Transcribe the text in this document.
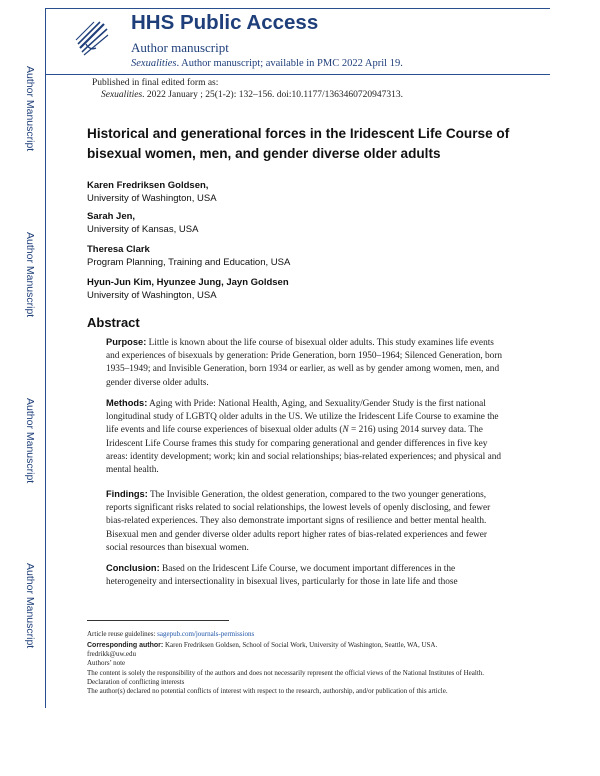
Author Manuscript
Author Manuscript
Author Manuscript
Author Manuscript
HHS Public Access
Author manuscript
Sexualities. Author manuscript; available in PMC 2022 April 19.
Published in final edited form as:
Sexualities. 2022 January ; 25(1-2): 132–156. doi:10.1177/1363460720947313.
Historical and generational forces in the Iridescent Life Course of bisexual women, men, and gender diverse older adults
Karen Fredriksen Goldsen,
University of Washington, USA
Sarah Jen,
University of Kansas, USA
Theresa Clark
Program Planning, Training and Education, USA
Hyun-Jun Kim, Hyunzee Jung, Jayn Goldsen
University of Washington, USA
Abstract
Purpose: Little is known about the life course of bisexual older adults. This study examines life events and experiences of bisexuals by generation: Pride Generation, born 1950–1964; Silenced Generation, born 1935–1949; and Invisible Generation, born 1934 or earlier, as well as by gender among women, men, and gender diverse older adults.
Methods: Aging with Pride: National Health, Aging, and Sexuality/Gender Study is the first national longitudinal study of LGBTQ older adults in the US. We utilize the Iridescent Life Course to examine the life events and life course experiences of bisexual older adults (N = 216) using 2014 survey data. The Iridescent Life Course frames this study for comparing generational and gender differences in five key areas: identity development; work; kin and social relationships; bias-related experiences; and physical and mental health.
Findings: The Invisible Generation, the oldest generation, compared to the two younger generations, reports significant risks related to social relationships, the lowest levels of openly disclosing, and fewer bias-related experiences. They also demonstrate important signs of resilience and better mental health. Bisexual men and gender diverse older adults report higher rates of bias-related experiences and fewer social resources than bisexual women.
Conclusion: Based on the Iridescent Life Course, we document important differences in the heterogeneity and intersectionality in bisexual lives, particularly for those in late life and those
Article reuse guidelines: sagepub.com/journals-permissions
Corresponding author: Karen Fredriksen Goldsen, School of Social Work, University of Washington, Seattle, WA, USA.
fredrikk@uw.edu
Authors’ note
The content is solely the responsibility of the authors and does not necessarily represent the official views of the National Institutes of Health.
Declaration of conflicting interests
The author(s) declared no potential conflicts of interest with respect to the research, authorship, and/or publication of this article.
